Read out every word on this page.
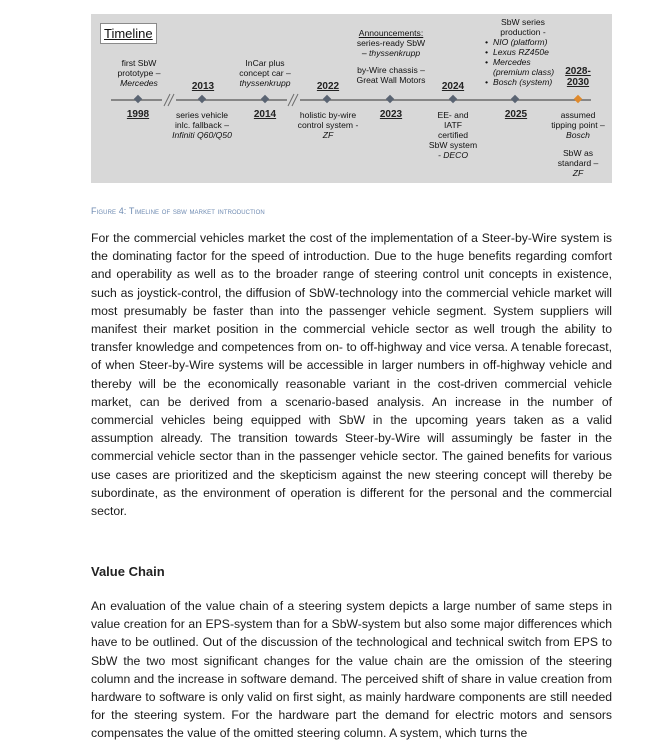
Timeline
first SbW
prototype –
Mercedes
1998
2013
series vehicle
inlc. fallback –
Infiniti Q60/Q50
InCar plus
concept car –
thyssenkrupp
2014
2022
holistic by-wire
control system -
ZF
Announcements:
series-ready SbW
– thyssenkrupp
by-Wire chassis –
Great Wall Motors
2023
2024
EE- and
IATF
certified
SbW system
- DECO
SbW series
production -
• NIO (platform)
• Lexus RZ450e
• Mercedes (premium class)
• Bosch (system)
2025
2028-
2030
assumed
tipping point –
Bosch
SbW as
standard –
ZF
Figure 4: Timeline of sbw market introduction

For the commercial vehicles market the cost of the implementation of a Steer-by-Wire system is the dominating factor for the speed of introduction. Due to the huge benefits regarding comfort and operability as well as to the broader range of steering control unit concepts in existence, such as joystick-control, the diffusion of SbW-technology into the commercial vehicle market will most presumably be faster than into the passenger vehicle segment. System suppliers will manifest their market position in the commercial vehicle sector as well trough the ability to transfer knowledge and competences from on- to off-highway and vice versa. A tenable forecast, of when Steer-by-Wire systems will be accessible in larger numbers in off-highway vehicle and thereby will be the economically reasonable variant in the cost-driven commercial vehicle market, can be derived from a scenario-based analysis. An increase in the number of commercial vehicles being equipped with SbW in the upcoming years taken as a valid assumption already. The transition towards Steer-by-Wire will assumingly be faster in the commercial vehicle sector than in the passenger vehicle sector. The gained benefits for various use cases are prioritized and the skepticism against the new steering concept will thereby be subordinate, as the environment of operation is different for the personal and the commercial sector.

Value Chain

An evaluation of the value chain of a steering system depicts a large number of same steps in value creation for an EPS-system than for a SbW-system but also some major differences which have to be outlined. Out of the discussion of the technological and technical switch from EPS to SbW the two most significant changes for the value chain are the omission of the steering column and the increase in software demand. The perceived shift of share in value creation from hardware to software is only valid on first sight, as mainly hardware components are still needed for the steering system. For the hardware part the demand for electric motors and sensors compensates the value of the omitted steering column. A system, which turns the
